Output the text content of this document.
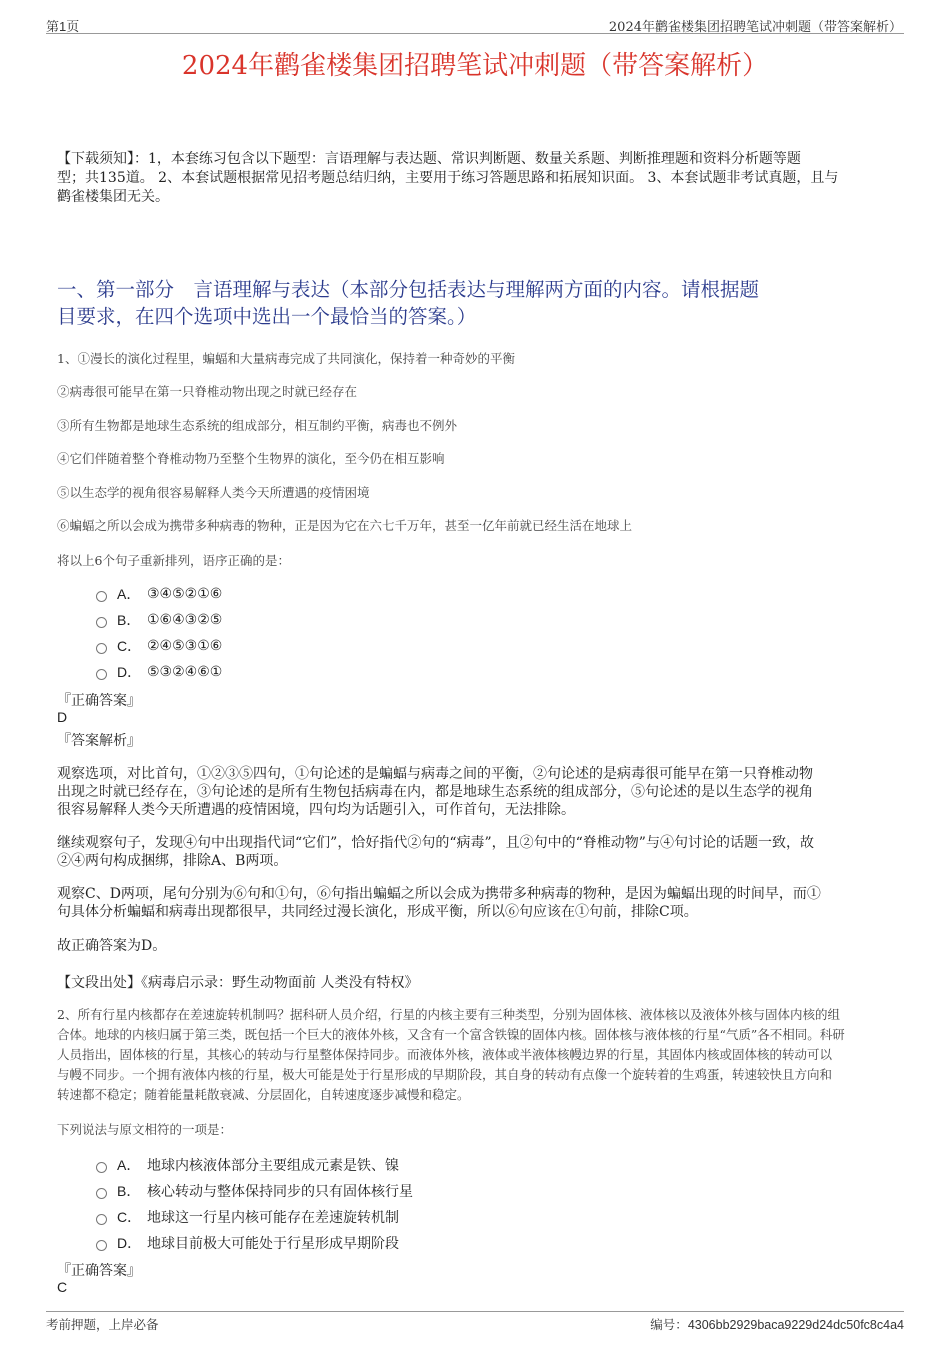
第1页	2024年鹳雀楼集团招聘笔试冲刺题（带答案解析）
2024年鹳雀楼集团招聘笔试冲刺题（带答案解析）
【下载须知】：1，本套练习包含以下题型：言语理解与表达题、常识判断题、数量关系题、判断推理题和资料分析题等题
型；共135道。 2、本套试题根据常见招考题总结归纳，主要用于练习答题思路和拓展知识面。 3、本套试题非考试真题，且与
鹳雀楼集团无关。
一、第一部分　言语理解与表达（本部分包括表达与理解两方面的内容。请根据题
目要求，在四个选项中选出一个最恰当的答案。）
1、①漫长的演化过程里，蝙蝠和大量病毒完成了共同演化，保持着一种奇妙的平衡
②病毒很可能早在第一只脊椎动物出现之时就已经存在
③所有生物都是地球生态系统的组成部分，相互制约平衡，病毒也不例外
④它们伴随着整个脊椎动物乃至整个生物界的演化，至今仍在相互影响
⑤以生态学的视角很容易解释人类今天所遭遇的疫情困境
⑥蝙蝠之所以会成为携带多种病毒的物种，正是因为它在六七千万年，甚至一亿年前就已经生活在地球上
将以上6个句子重新排列，语序正确的是：
A． ③④⑤②①⑥
B． ①⑥④③②⑤
C． ②④⑤③①⑥
D． ⑤③②④⑥①
『正确答案』
D
『答案解析』
观察选项，对比首句，①②③⑤四句，①句论述的是蝙蝠与病毒之间的平衡，②句论述的是病毒很可能早在第一只脊椎动物
出现之时就已经存在，③句论述的是所有生物包括病毒在内，都是地球生态系统的组成部分，⑤句论述的是以生态学的视角
很容易解释人类今天所遭遇的疫情困境，四句均为话题引入，可作首句，无法排除。
继续观察句子，发现④句中出现指代词“它们”，恰好指代②句的“病毒”，且②句中的“脊椎动物”与④句讨论的话题一致，故
②④两句构成捆绑，排除A、B两项。
观察C、D两项，尾句分别为⑥句和①句，⑥句指出蝙蝠之所以会成为携带多种病毒的物种，是因为蝙蝠出现的时间早，而①
句具体分析蝙蝠和病毒出现都很早，共同经过漫长演化，形成平衡，所以⑥句应该在①句前，排除C项。
故正确答案为D。
【文段出处】《病毒启示录：野生动物面前 人类没有特权》
2、所有行星内核都存在差速旋转机制吗？据科研人员介绍，行星的内核主要有三种类型，分别为固体核、液体核以及液体外核与固体内核的组
合体。地球的内核归属于第三类，既包括一个巨大的液体外核，又含有一个富含铁镍的固体内核。固体核与液体核的行星“气质”各不相同。科研
人员指出，固体核的行星，其核心的转动与行星整体保持同步。而液体外核，液体或半液体核幔边界的行星，其固体内核或固体核的转动可以
与幔不同步。一个拥有液体内核的行星，极大可能是处于行星形成的早期阶段，其自身的转动有点像一个旋转着的生鸡蛋，转速较快且方向和
转速都不稳定；随着能量耗散衰减、分层固化，自转速度逐步减慢和稳定。
下列说法与原文相符的一项是：
A． 地球内核液体部分主要组成元素是铁、镍
B． 核心转动与整体保持同步的只有固体核行星
C． 地球这一行星内核可能存在差速旋转机制
D． 地球目前极大可能处于行星形成早期阶段
『正确答案』
C
考前押题，上岸必备	编号：4306bb2929baca9229d24dc50fc8c4a4
